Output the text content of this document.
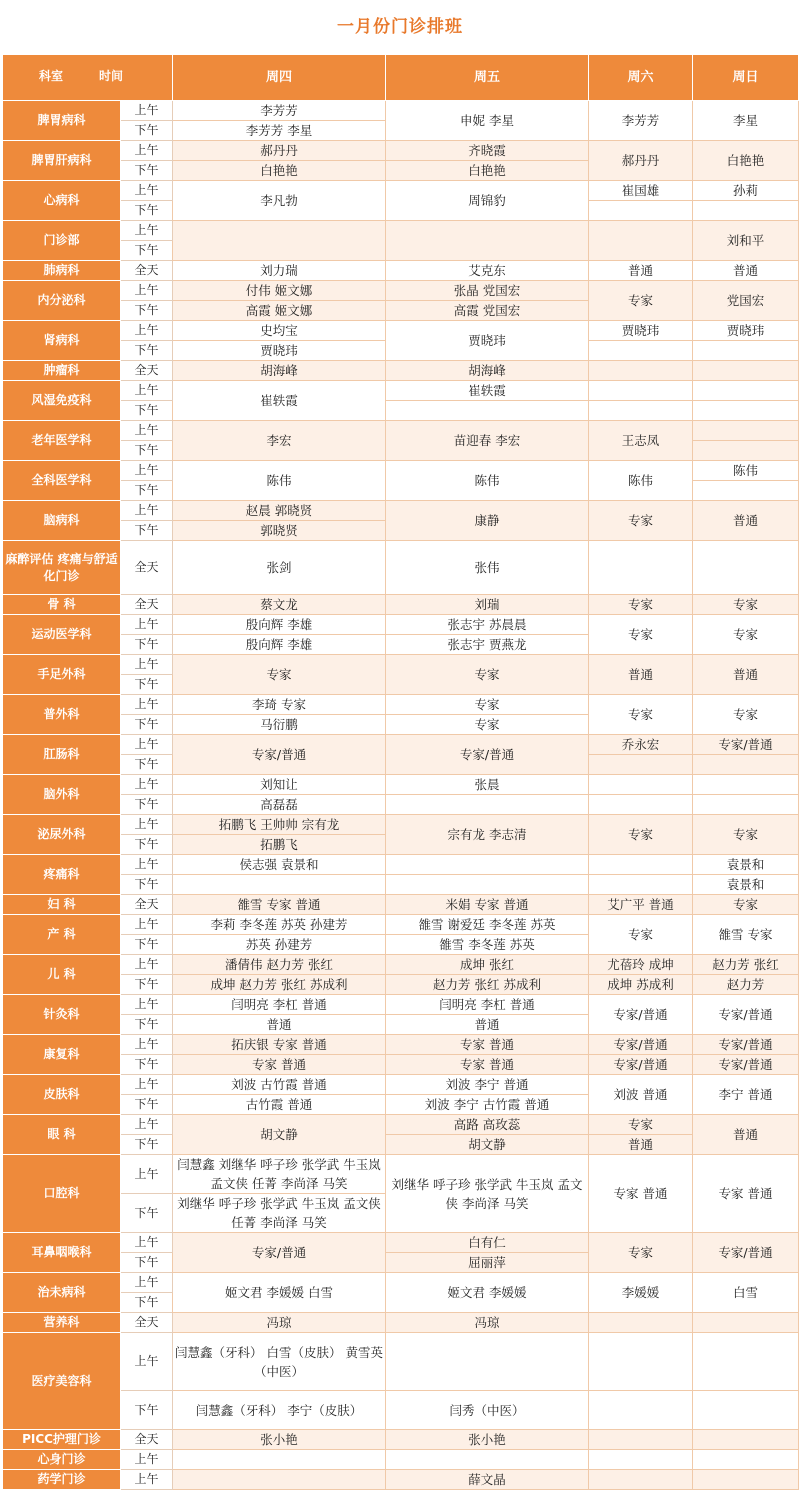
一月份门诊排班
科室 时间		周四	周五	周六	周日
脾胃病科	上午	李芳芳	申妮 李星	李芳芳	李星
	下午	李芳芳 李星			
脾胃肝病科	上午	郝丹丹	齐晓霞	郝丹丹	白艳艳
	下午	白艳艳	白艳艳		
心病科	上午	李凡勃	周锦豹	崔国雄	孙莉
	下午				
门诊部	上午				刘和平
	下午				
肺病科	全天	刘力瑞	艾克东	普通	普通
内分泌科	上午	付伟 姬文娜	张晶 党国宏	专家	党国宏
	下午	高霞 姬文娜	高霞 党国宏		
肾病科	上午	史均宝	贾晓玮	贾晓玮	贾晓玮
	下午	贾晓玮			
肿瘤科	全天	胡海峰	胡海峰		
风湿免疫科	上午	崔轶霞	崔轶霞		
	下午				
老年医学科	上午	李宏	苗迎春 李宏	王志凤	
	下午				
全科医学科	上午	陈伟	陈伟	陈伟	陈伟
	下午				
脑病科	上午	赵晨 郭晓贤	康静	专家	普通
	下午	郭晓贤			
麻醉评估 疼痛与舒适化门诊	全天	张剑	张伟		
骨 科	全天	蔡文龙	刘瑞	专家	专家
运动医学科	上午	殷向辉 李雄	张志宇 苏晨晨	专家	专家
	下午	殷向辉 李雄	张志宇 贾燕龙		
手足外科	上午	专家	专家	普通	普通
	下午				
普外科	上午	李琦 专家	专家	专家	专家
	下午	马衍鹏	专家		
肛肠科	上午	专家/普通	专家/普通	乔永宏	专家/普通
	下午				
脑外科	上午	刘知让	张晨		
	下午	高磊磊			
泌尿外科	上午	拓鹏飞 王帅帅 宗有龙	宗有龙 李志清	专家	专家
	下午	拓鹏飞			
疼痛科	上午	侯志强 袁景和			袁景和
	下午				袁景和
妇 科	全天	雒雪 专家 普通	米娟 专家 普通	艾广平 普通	专家
产 科	上午	李莉 李冬莲 苏英 孙建芳	雒雪 谢爱廷 李冬莲 苏英	专家	雒雪 专家
	下午	苏英 孙建芳	雒雪 李冬莲 苏英		
儿 科	上午	潘倩伟 赵力芳 张红	成坤 张红	尤蓓玲 成坤	赵力芳 张红
	下午	成坤 赵力芳 张红 苏成利	赵力芳 张红 苏成利	成坤 苏成利	赵力芳
针灸科	上午	闫明亮 李杠 普通	闫明亮 李杠 普通	专家/普通	专家/普通
	下午	普通	普通		
康复科	上午	拓庆银 专家 普通	专家 普通	专家/普通	专家/普通
	下午	专家 普通	专家 普通	专家/普通	专家/普通
皮肤科	上午	刘波 古竹霞 普通	刘波 李宁 普通	刘波 普通	李宁 普通
	下午	古竹霞 普通	刘波 李宁 古竹霞 普通		
眼 科	上午	胡文静	高路 高玫蕊	专家	普通
	下午		胡文静	普通	
口腔科	上午	闫慧鑫 刘继华 呼子珍 张学武 牛玉岚 孟文侠 任菁 李尚泽 马笑	刘继华 呼子珍 张学武 牛玉岚 孟文侠 李尚泽 马笑	专家 普通	专家 普通
	下午	刘继华 呼子珍 张学武 牛玉岚 孟文侠 任菁 李尚泽 马笑			
耳鼻咽喉科	上午	专家/普通	白有仁	专家	专家/普通
	下午		屈丽萍		
治未病科	上午	姬文君 李媛媛 白雪	姬文君 李媛媛	李媛媛	白雪
	下午				
营养科	全天	冯琼	冯琼		
医疗美容科	上午	闫慧鑫（牙科） 白雪（皮肤） 黄雪英（中医）			
	下午	闫慧鑫（牙科） 李宁（皮肤）	闫秀（中医）		
PICC护理门诊	全天	张小艳	张小艳		
心身门诊	上午				
药学门诊	上午		薛文晶		
